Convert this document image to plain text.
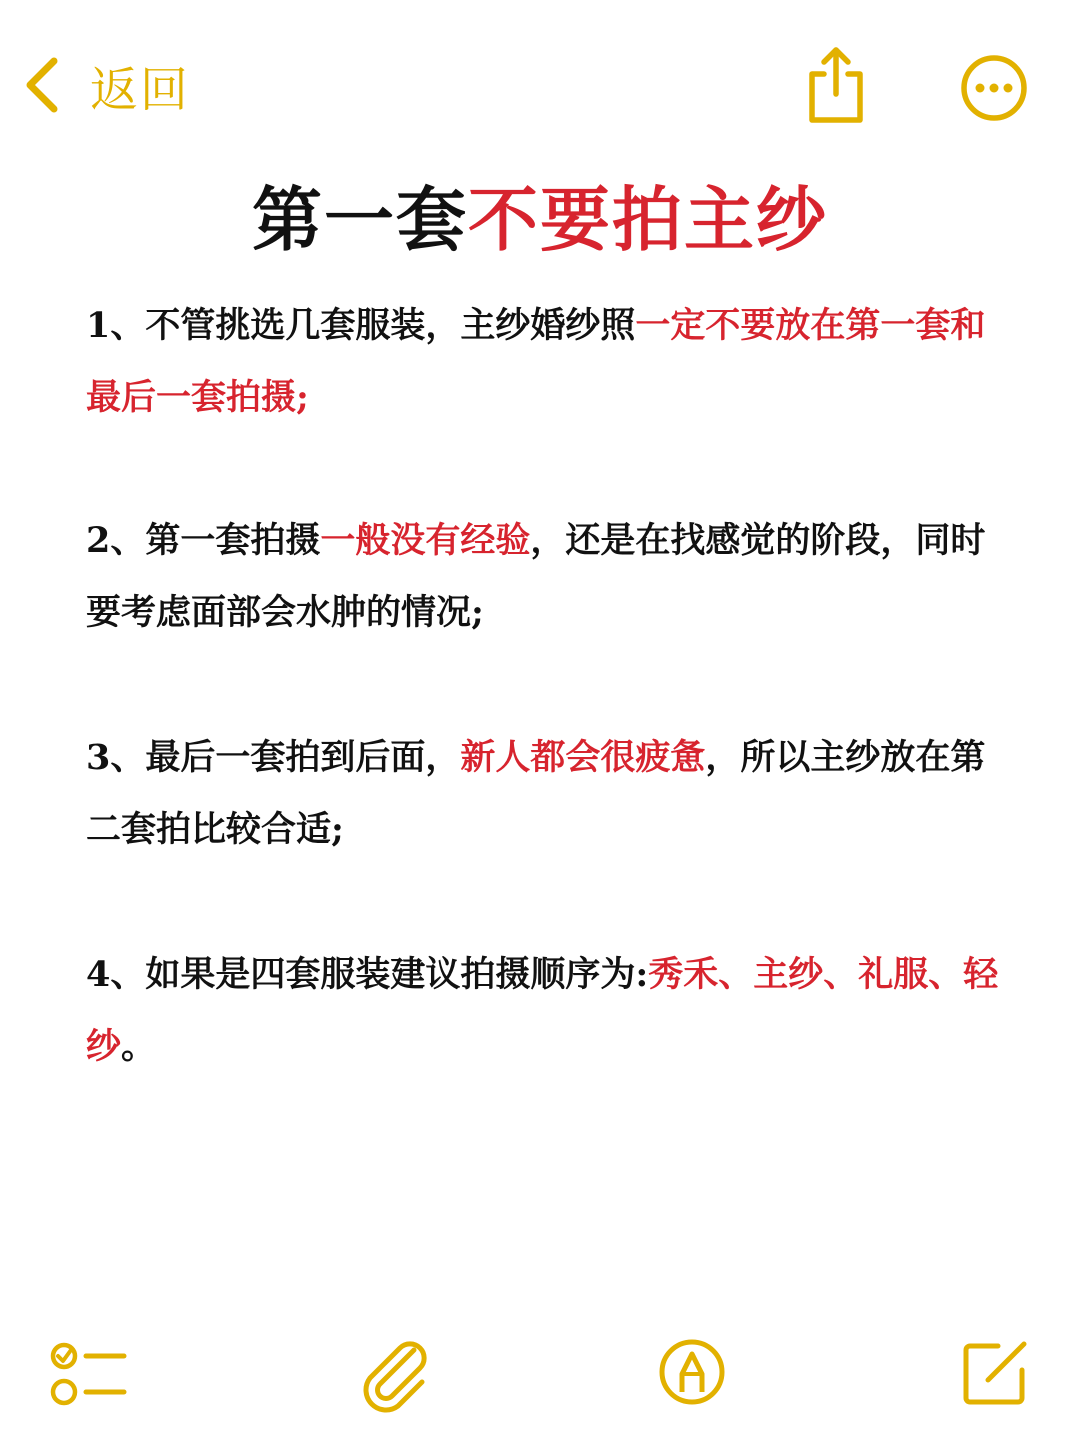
返回
第一套不要拍主纱

1、不管挑选几套服装，主纱婚纱照一定不要放在第一套和最后一套拍摄;

2、第一套拍摄一般没有经验，还是在找感觉的阶段，同时要考虑面部会水肿的情况;

3、最后一套拍到后面，新人都会很疲惫，所以主纱放在第二套拍比较合适;

4、如果是四套服装建议拍摄顺序为:秀禾、主纱、礼服、轻纱。
